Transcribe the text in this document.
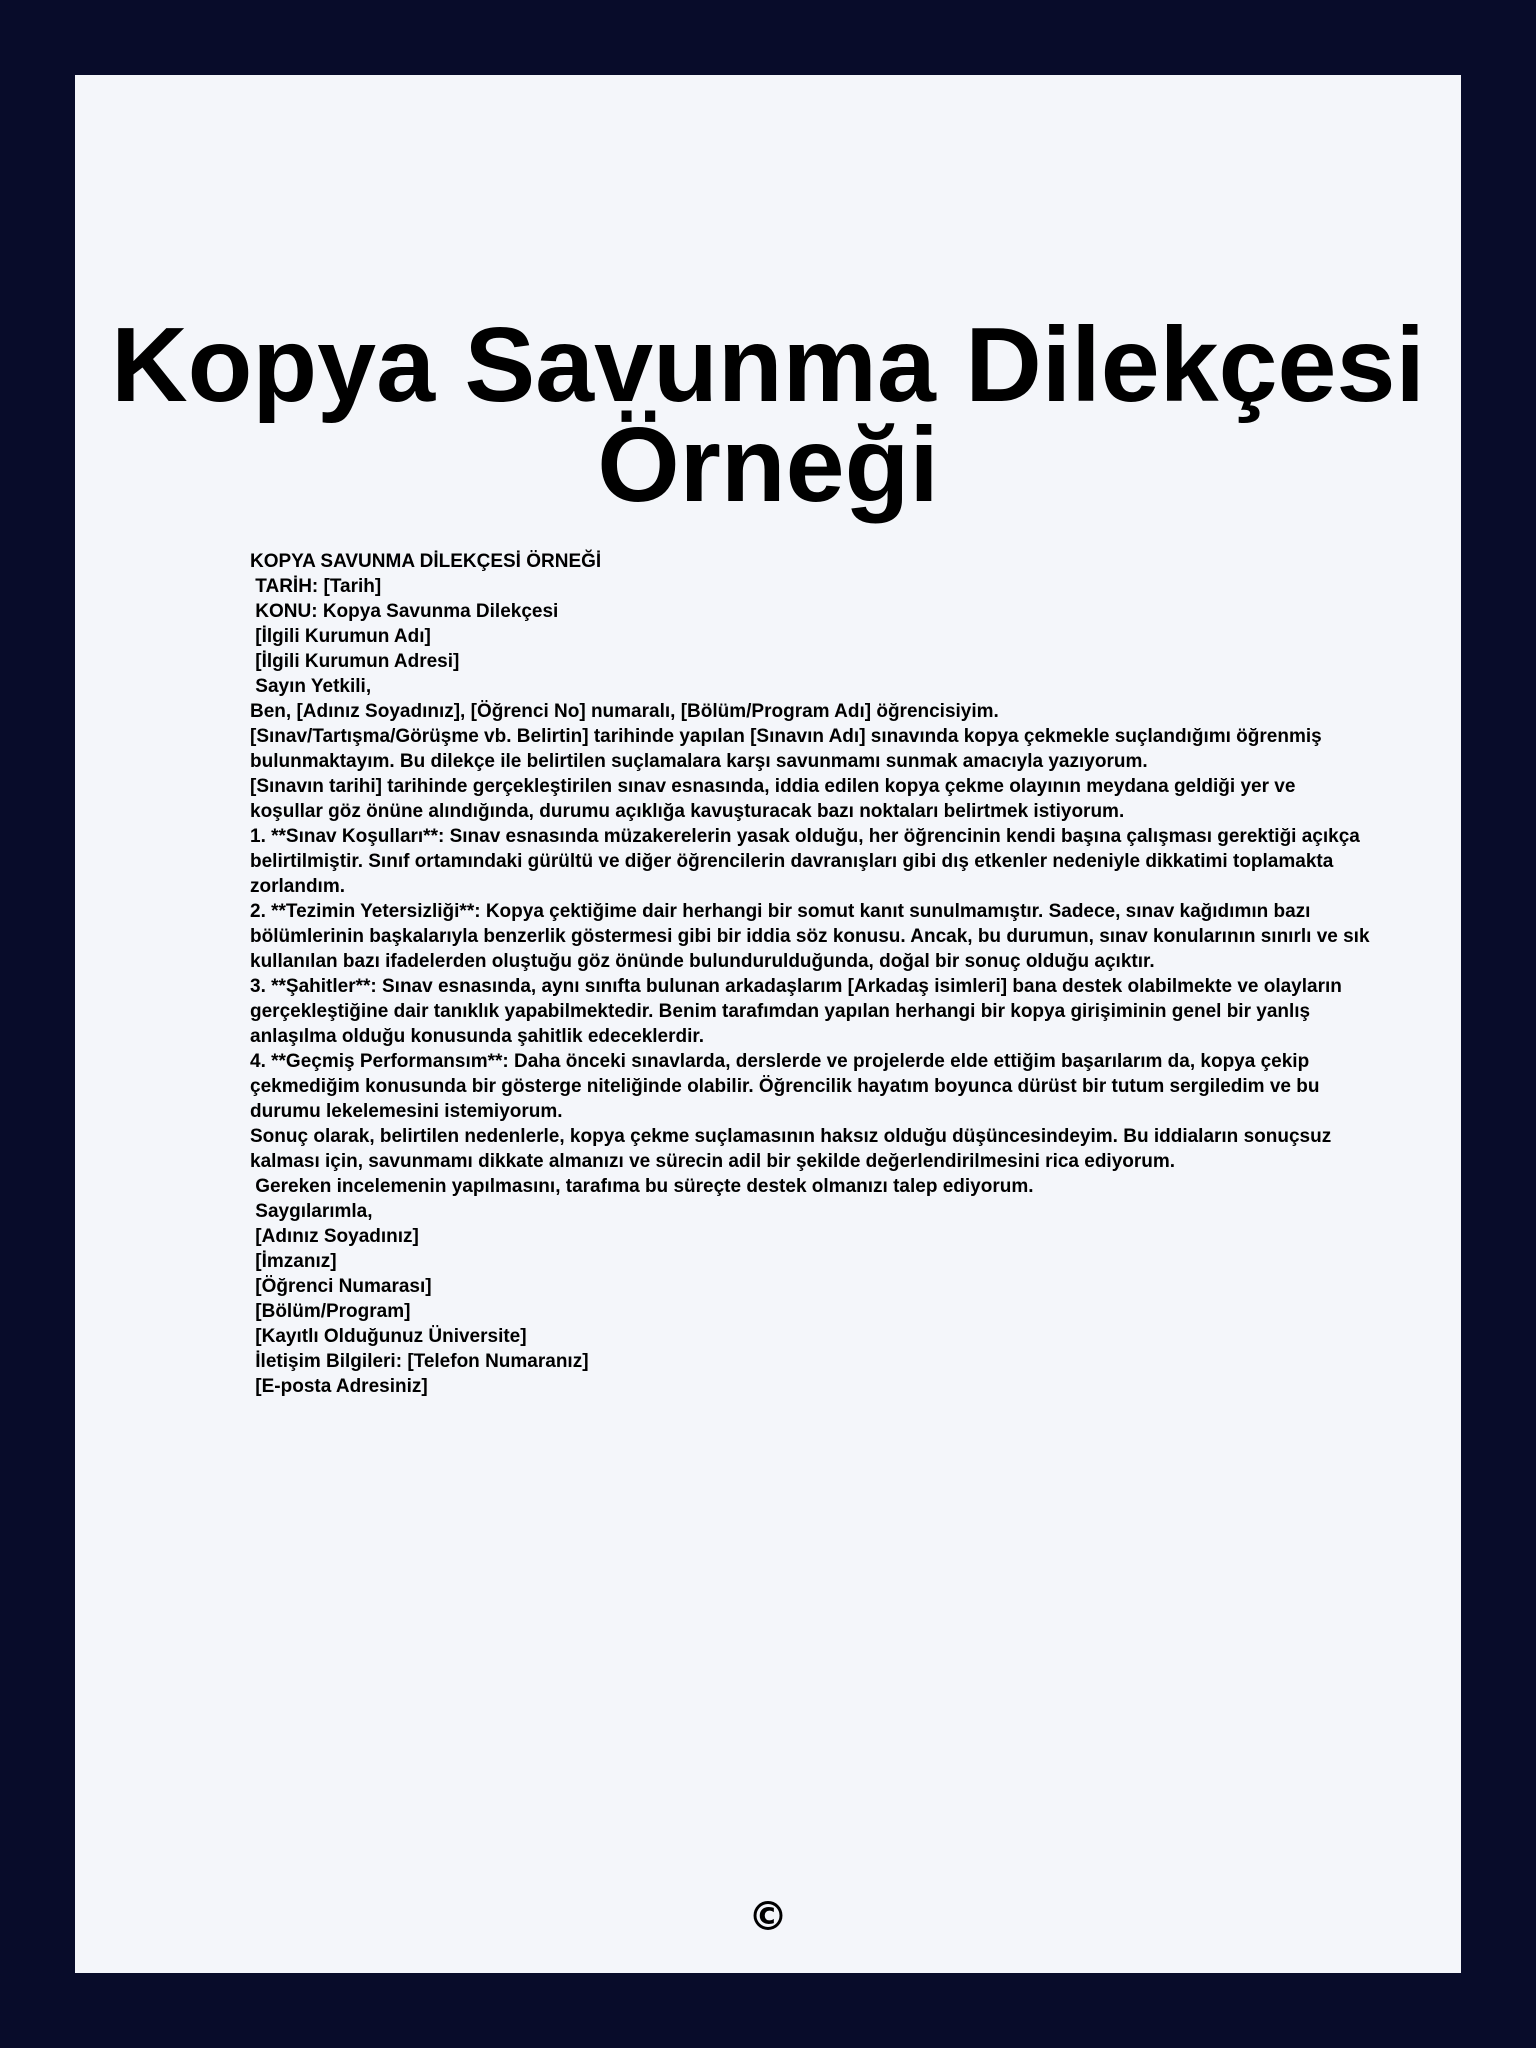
Kopya Savunma Dilekçesi
Örneği
KOPYA SAVUNMA DİLEKÇESİ ÖRNEĞİ
TARİH: [Tarih]
KONU: Kopya Savunma Dilekçesi
[İlgili Kurumun Adı]
[İlgili Kurumun Adresi]
Sayın Yetkili,
Ben, [Adınız Soyadınız], [Öğrenci No] numaralı, [Bölüm/Program Adı] öğrencisiyim.
[Sınav/Tartışma/Görüşme vb. Belirtin] tarihinde yapılan [Sınavın Adı] sınavında kopya çekmekle suçlandığımı öğrenmiş bulunmaktayım. Bu dilekçe ile belirtilen suçlamalara karşı savunmamı sunmak amacıyla yazıyorum.
[Sınavın tarihi] tarihinde gerçekleştirilen sınav esnasında, iddia edilen kopya çekme olayının meydana geldiği yer ve koşullar göz önüne alındığında, durumu açıklığa kavuşturacak bazı noktaları belirtmek istiyorum.
1. **Sınav Koşulları**: Sınav esnasında müzakerelerin yasak olduğu, her öğrencinin kendi başına çalışması gerektiği açıkça belirtilmiştir. Sınıf ortamındaki gürültü ve diğer öğrencilerin davranışları gibi dış etkenler nedeniyle dikkatimi toplamakta zorlandım.
2. **Tezimin Yetersizliği**: Kopya çektiğime dair herhangi bir somut kanıt sunulmamıştır. Sadece, sınav kağıdımın bazı bölümlerinin başkalarıyla benzerlik göstermesi gibi bir iddia söz konusu. Ancak, bu durumun, sınav konularının sınırlı ve sık kullanılan bazı ifadelerden oluştuğu göz önünde bulundurulduğunda, doğal bir sonuç olduğu açıktır.
3. **Şahitler**: Sınav esnasında, aynı sınıfta bulunan arkadaşlarım [Arkadaş isimleri] bana destek olabilmekte ve olayların gerçekleştiğine dair tanıklık yapabilmektedir. Benim tarafımdan yapılan herhangi bir kopya girişiminin genel bir yanlış anlaşılma olduğu konusunda şahitlik edeceklerdir.
4. **Geçmiş Performansım**: Daha önceki sınavlarda, derslerde ve projelerde elde ettiğim başarılarım da, kopya çekip çekmediğim konusunda bir gösterge niteliğinde olabilir. Öğrencilik hayatım boyunca dürüst bir tutum sergiledim ve bu durumu lekelemesini istemiyorum.
Sonuç olarak, belirtilen nedenlerle, kopya çekme suçlamasının haksız olduğu düşüncesindeyim. Bu iddiaların sonuçsuz kalması için, savunmamı dikkate almanızı ve sürecin adil bir şekilde değerlendirilmesini rica ediyorum.
Gereken incelemenin yapılmasını, tarafıma bu süreçte destek olmanızı talep ediyorum.
Saygılarımla,
[Adınız Soyadınız]
[İmzanız]
[Öğrenci Numarası]
[Bölüm/Program]
[Kayıtlı Olduğunuz Üniversite]
İletişim Bilgileri: [Telefon Numaranız]
[E-posta Adresiniz]
©
